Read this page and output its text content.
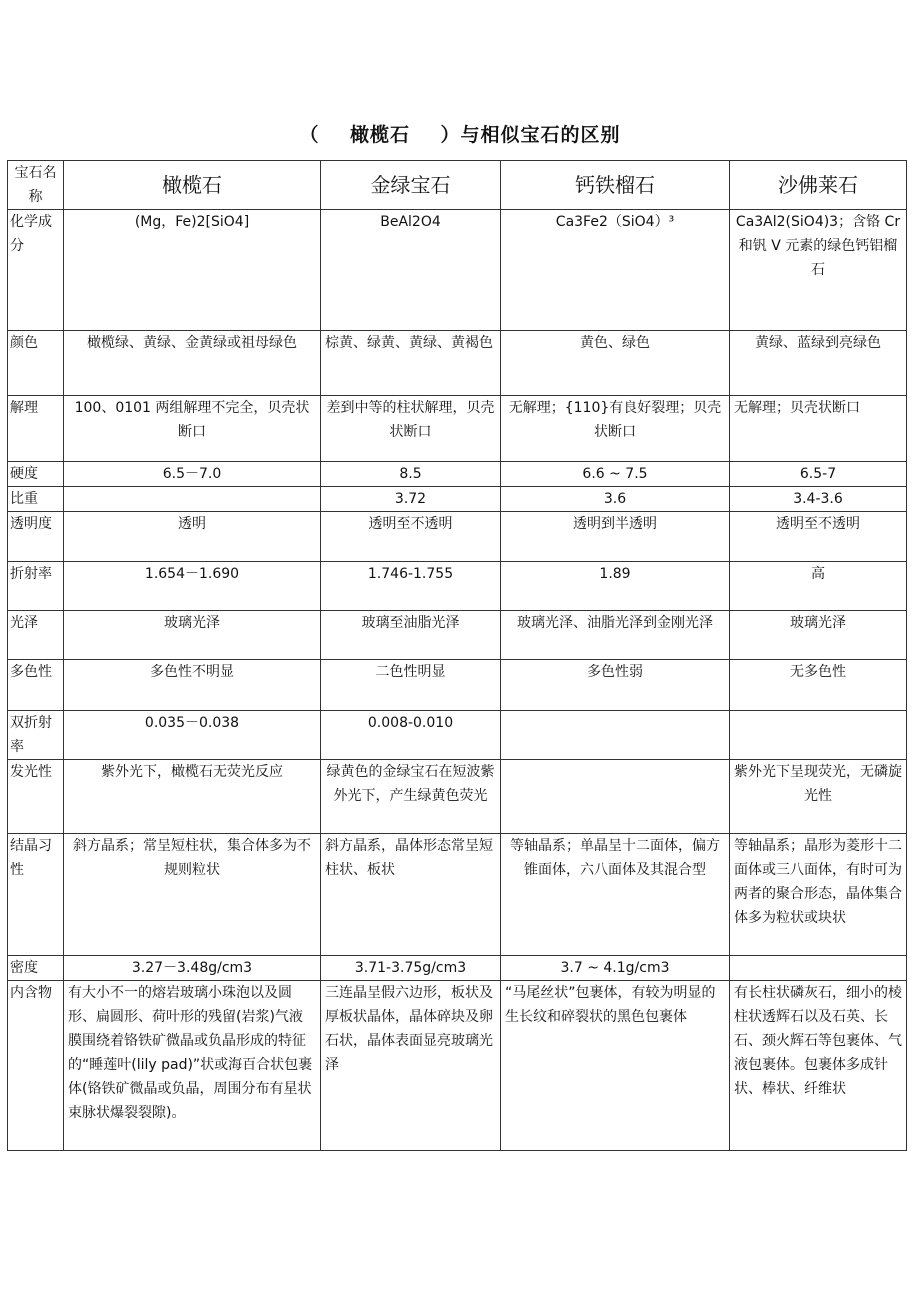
（    橄榄石    ）与相似宝石的区别
宝石名称	橄榄石	金绿宝石	钙铁榴石	沙佛莱石
化学成分	(Mg，Fe)2[SiO4]	BeAl2O4	Ca3Fe2（SiO4）³	Ca3Al2(SiO4)3；含铬 Cr 和钒 V 元素的绿色钙铝榴石
颜色	橄榄绿、黄绿、金黄绿或祖母绿色	棕黄、绿黄、黄绿、黄褐色	黄色、绿色	黄绿、蓝绿到亮绿色
解理	100、0101 两组解理不完全，贝壳状断口	差到中等的柱状解理，贝壳状断口	无解理；{110}有良好裂理；贝壳状断口	无解理；贝壳状断口
硬度	6.5－7.0	8.5	6.6 ~ 7.5	6.5-7
比重		3.72	3.6	3.4-3.6
透明度	透明	透明至不透明	透明到半透明	透明至不透明
折射率	1.654－1.690	1.746-1.755	1.89	高
光泽	玻璃光泽	玻璃至油脂光泽	玻璃光泽、油脂光泽到金刚光泽	玻璃光泽
多色性	多色性不明显	二色性明显	多色性弱	无多色性
双折射率	0.035－0.038	0.008-0.010		
发光性	紫外光下，橄榄石无荧光反应	绿黄色的金绿宝石在短波紫外光下，产生绿黄色荧光		紫外光下呈现荧光，无磷旋光性
结晶习性	斜方晶系；常呈短柱状，集合体多为不规则粒状	斜方晶系，晶体形态常呈短柱状、板状	等轴晶系；单晶呈十二面体，偏方锥面体，六八面体及其混合型	等轴晶系；晶形为菱形十二面体或三八面体，有时可为两者的聚合形态，晶体集合体多为粒状或块状
密度	3.27－3.48g/cm3	3.71-3.75g/cm3	3.7 ~ 4.1g/cm3	
内含物	有大小不一的熔岩玻璃小珠泡以及圆形、扁圆形、荷叶形的残留(岩浆)气液膜围绕着铬铁矿微晶或负晶形成的特征的“睡莲叶(lily pad)”状或海百合状包裹体(铬铁矿微晶或负晶，周围分布有星状束脉状爆裂裂隙)。	三连晶呈假六边形，板状及厚板状晶体，晶体碎块及卵石状，晶体表面显亮玻璃光泽	“马尾丝状”包裹体，有较为明显的生长纹和碎裂状的黑色包裹体	有长柱状磷灰石，细小的棱柱状透辉石以及石英、长石、颈火辉石等包裹体、气液包裹体。包裹体多成针状、棒状、纤维状
